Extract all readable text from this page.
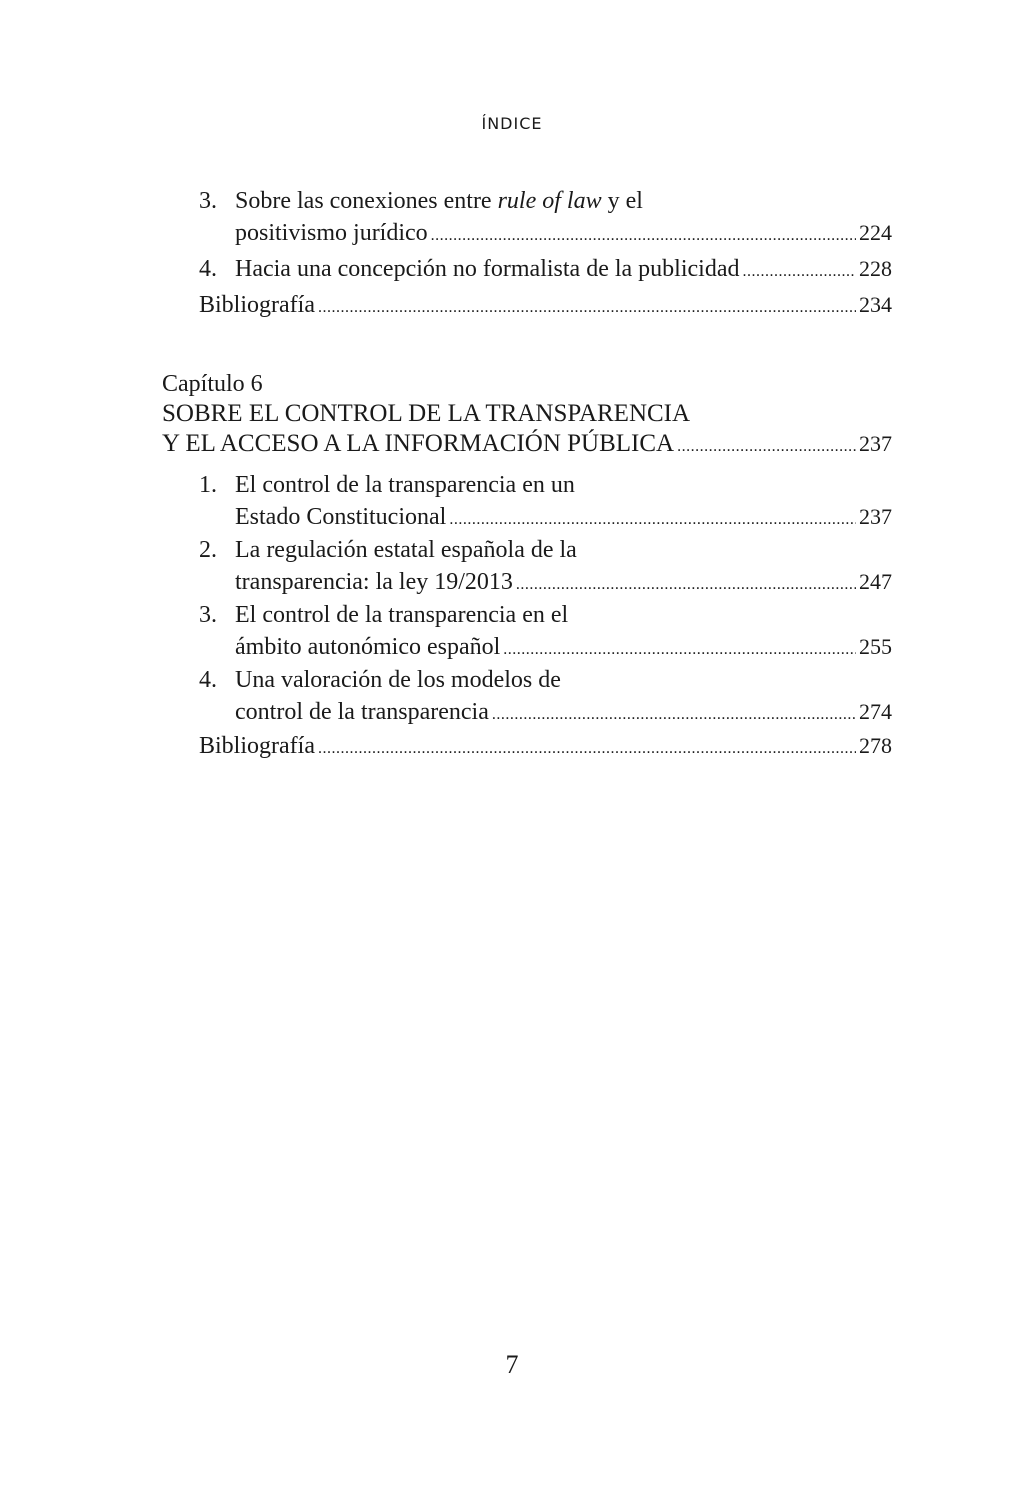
ÍNDICE
3. Sobre las conexiones entre rule of law y el
positivismo jurídico .....	224
4. Hacia una concepción no formalista de la publicidad .....	228
Bibliografía .....	234
Capítulo 6
SOBRE EL CONTROL DE LA TRANSPARENCIA
Y EL ACCESO A LA INFORMACIÓN PÚBLICA .....	237
1. El control de la transparencia en un
Estado Constitucional .....	237
2. La regulación estatal española de la
transparencia: la ley 19/2013 .....	247
3. El control de la transparencia en el
ámbito autonómico español .....	255
4. Una valoración de los modelos de
control de la transparencia .....	274
Bibliografía .....	278
7
